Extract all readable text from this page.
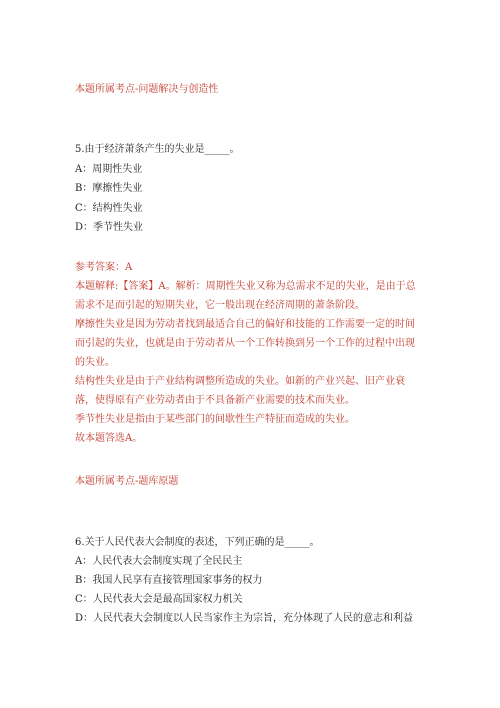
本题所属考点-问题解决与创造性
5.由于经济萧条产生的失业是_____。
A：周期性失业
B：摩擦性失业
C：结构性失业
D：季节性失业
参考答案：A
本题解释:【答案】A。解析：周期性失业又称为总需求不足的失业，是由于总
需求不足而引起的短期失业，它一般出现在经济周期的萧条阶段。
摩擦性失业是因为劳动者找到最适合自己的偏好和技能的工作需要一定的时间
而引起的失业，也就是由于劳动者从一个工作转换到另一个工作的过程中出现
的失业。
结构性失业是由于产业结构调整所造成的失业。如新的产业兴起、旧产业衰
落，使得原有产业劳动者由于不具备新产业需要的技术而失业。
季节性失业是指由于某些部门的间歇性生产特征而造成的失业。
故本题答选A。
本题所属考点-题库原题
6.关于人民代表大会制度的表述，下列正确的是_____。
A：人民代表大会制度实现了全民民主
B：我国人民享有直接管理国家事务的权力
C：人民代表大会是最高国家权力机关
D：人民代表大会制度以人民当家作主为宗旨，充分体现了人民的意志和利益
